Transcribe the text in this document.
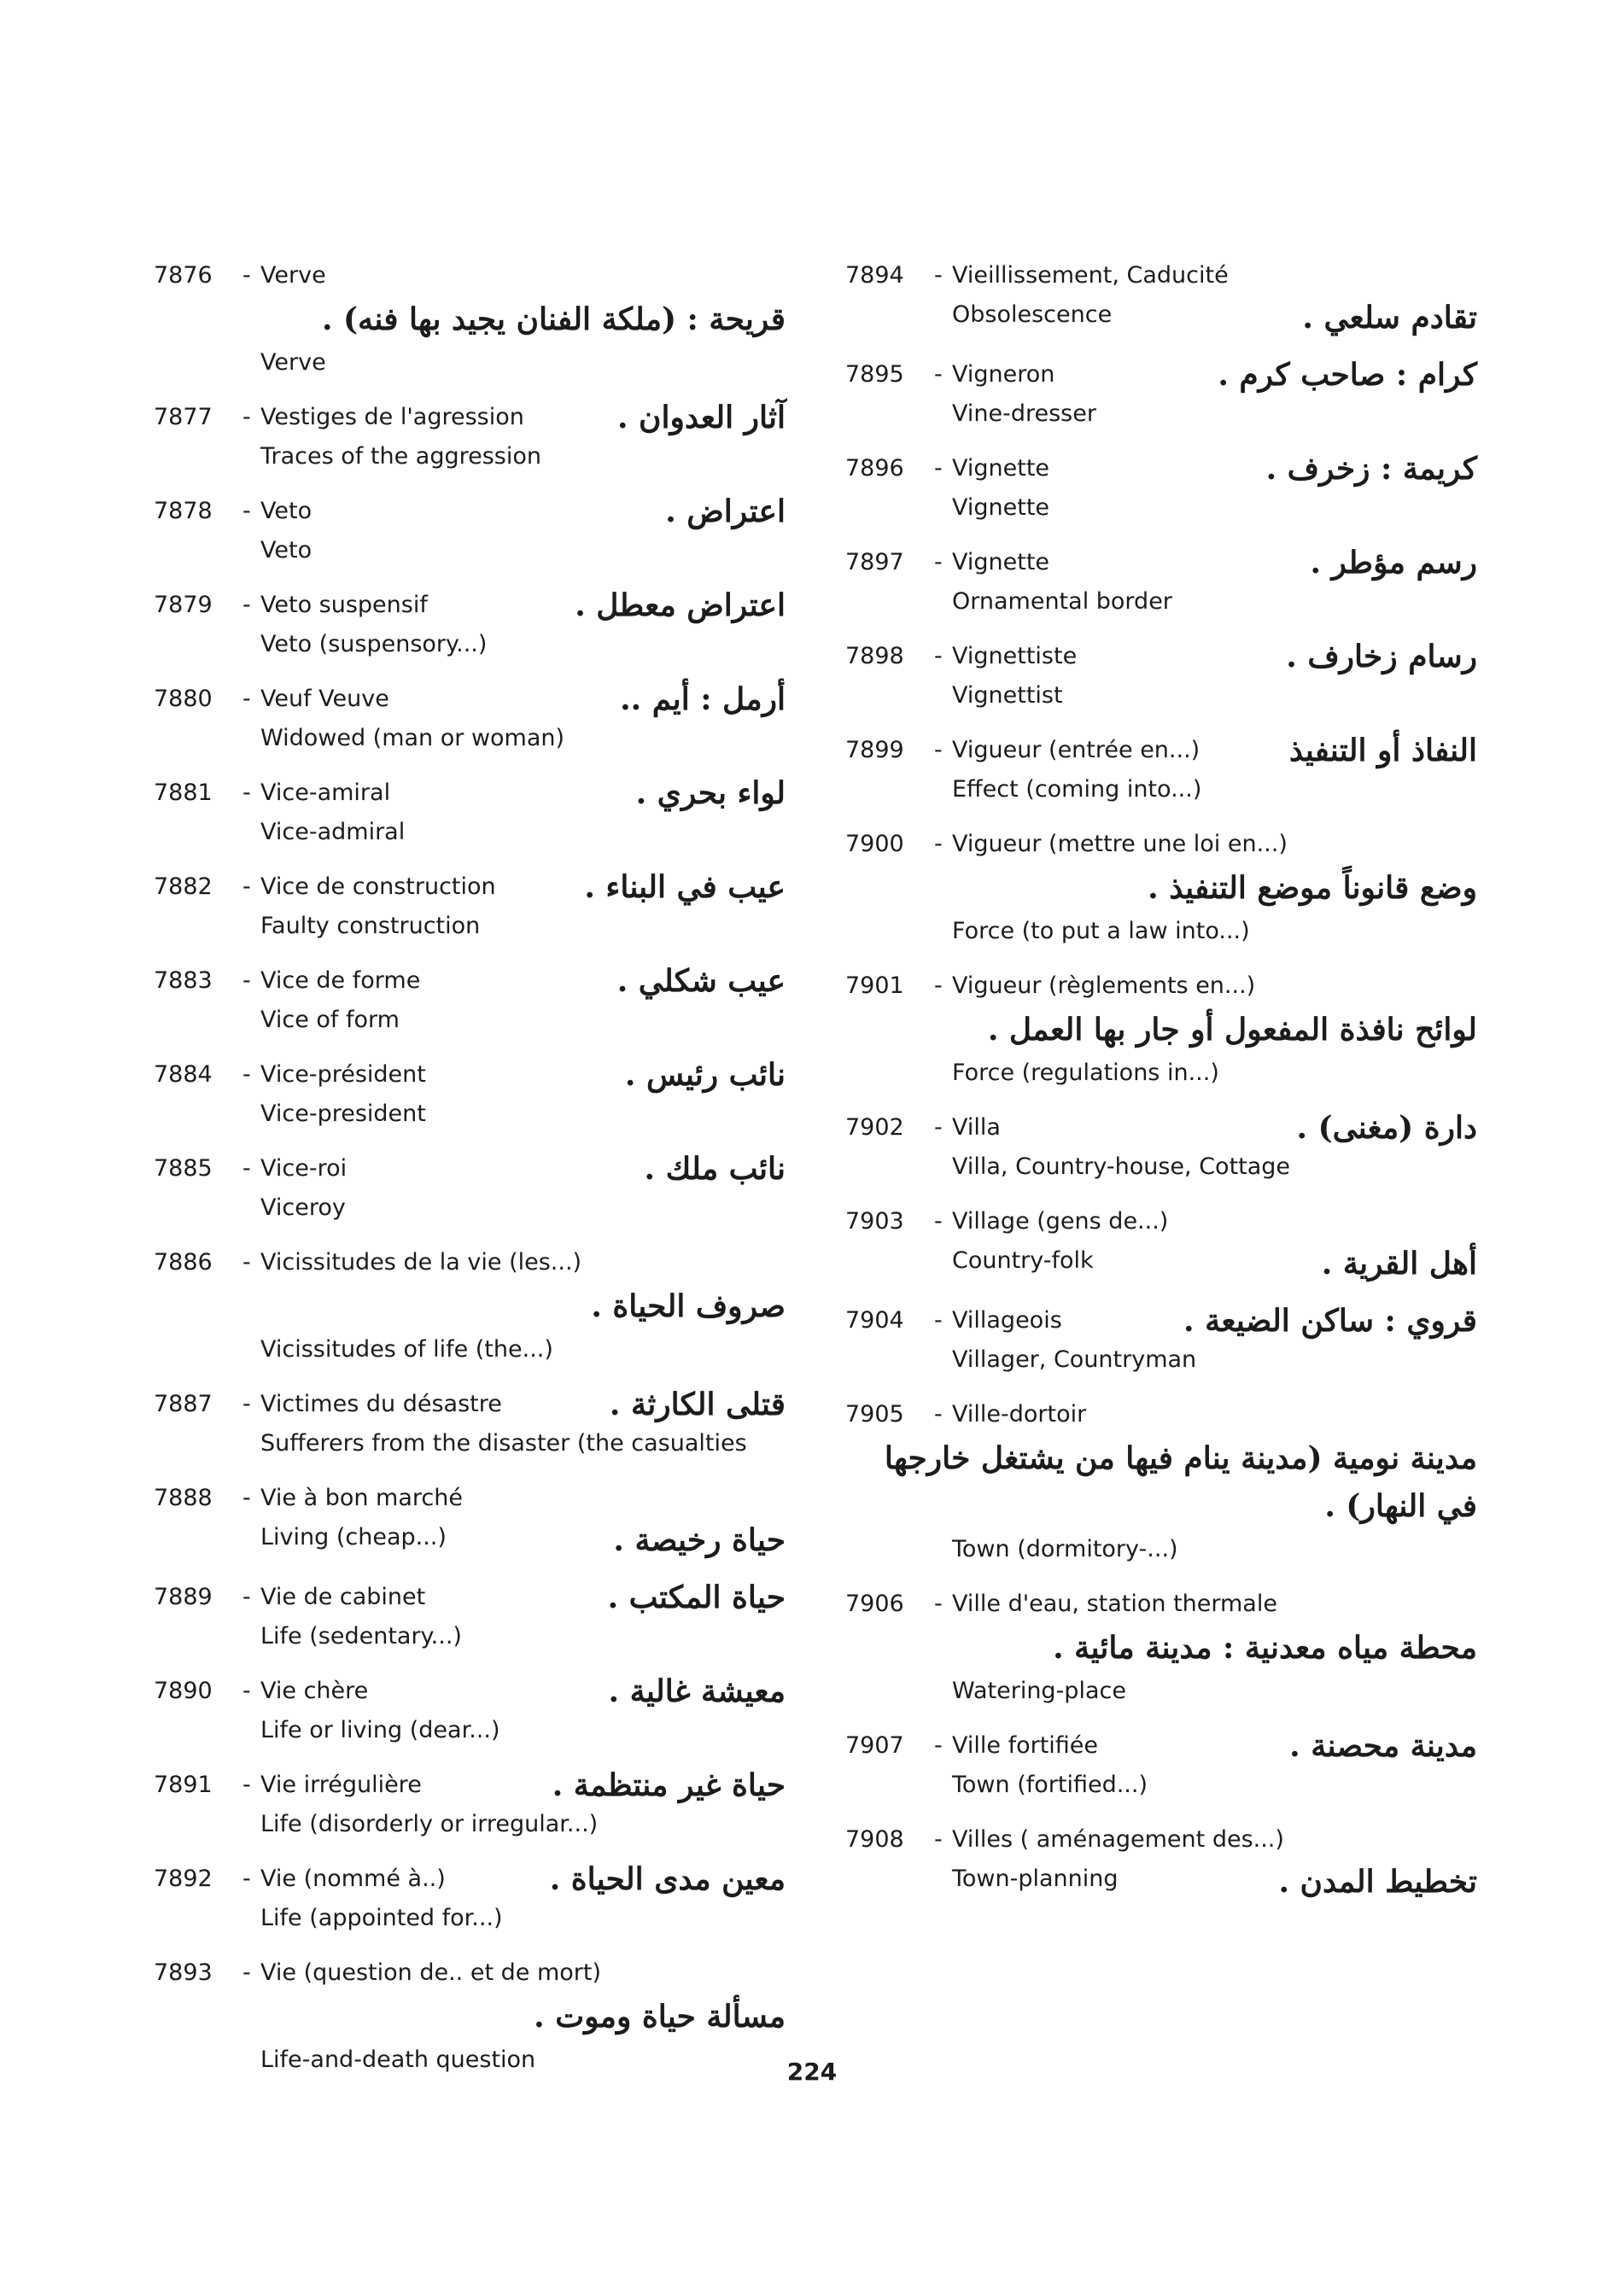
7876	- Verve
قريحة : (ملكة الفنان يجيد بها فنه) .
Verve
7877	- Vestiges de l'agression	آثار العدوان .
Traces of the aggression
7878	- Veto	اعتراض .
Veto
7879	- Veto suspensif	اعتراض معطل .
Veto (suspensory...)
7880	- Veuf Veuve	أرمل : أيم ..
Widowed (man or woman)
7881	- Vice-amiral	لواء بحري .
Vice-admiral
7882	- Vice de construction	عيب في البناء .
Faulty construction
7883	- Vice de forme	عيب شكلي .
Vice of form
7884	- Vice-président	نائب رئيس .
Vice-president
7885	- Vice-roi	نائب ملك .
Viceroy
7886	- Vicissitudes de la vie (les...)
صروف الحياة .
Vicissitudes of life (the...)
7887	- Victimes du désastre	قتلى الكارثة .
Sufferers from the disaster (the casualties
7888	- Vie à bon marché
Living (cheap...)	حياة رخيصة .
7889	- Vie de cabinet	حياة المكتب .
Life (sedentary...)
7890	- Vie chère	معيشة غالية .
Life or living (dear...)
7891	- Vie irrégulière	حياة غير منتظمة .
Life (disorderly or irregular...)
7892	- Vie (nommé à..)	معين مدى الحياة .
Life (appointed for...)
7893	- Vie (question de.. et de mort)
مسألة حياة وموت .
Life-and-death question
7894	- Vieillissement, Caducité
Obsolescence	تقادم سلعي .
7895	- Vigneron	كرام : صاحب كرم .
Vine-dresser
7896	- Vignette	كريمة : زخرف .
Vignette
7897	- Vignette	رسم مؤطر .
Ornamental border
7898	- Vignettiste	رسام زخارف .
Vignettist
7899	- Vigueur (entrée en...)	النفاذ أو التنفيذ
Effect (coming into...)
7900	- Vigueur (mettre une loi en...)
وضع قانوناً موضع التنفيذ .
Force (to put a law into...)
7901	- Vigueur (règlements en...)
لوائح نافذة المفعول أو جار بها العمل .
Force (regulations in...)
7902	- Villa	دارة (مغنى) .
Villa, Country-house, Cottage
7903	- Village (gens de...)
Country-folk	أهل القرية .
7904	- Villageois	قروي : ساكن الضيعة .
Villager, Countryman
7905	- Ville-dortoir
مدينة نومية (مدينة ينام فيها من يشتغل خارجها
في النهار) .
Town (dormitory-...)
7906	- Ville d'eau, station thermale
محطة مياه معدنية : مدينة مائية .
Watering-place
7907	- Ville fortifiée	مدينة محصنة .
Town (fortified...)
7908	- Villes ( aménagement des...)
Town-planning	تخطيط المدن .
224
